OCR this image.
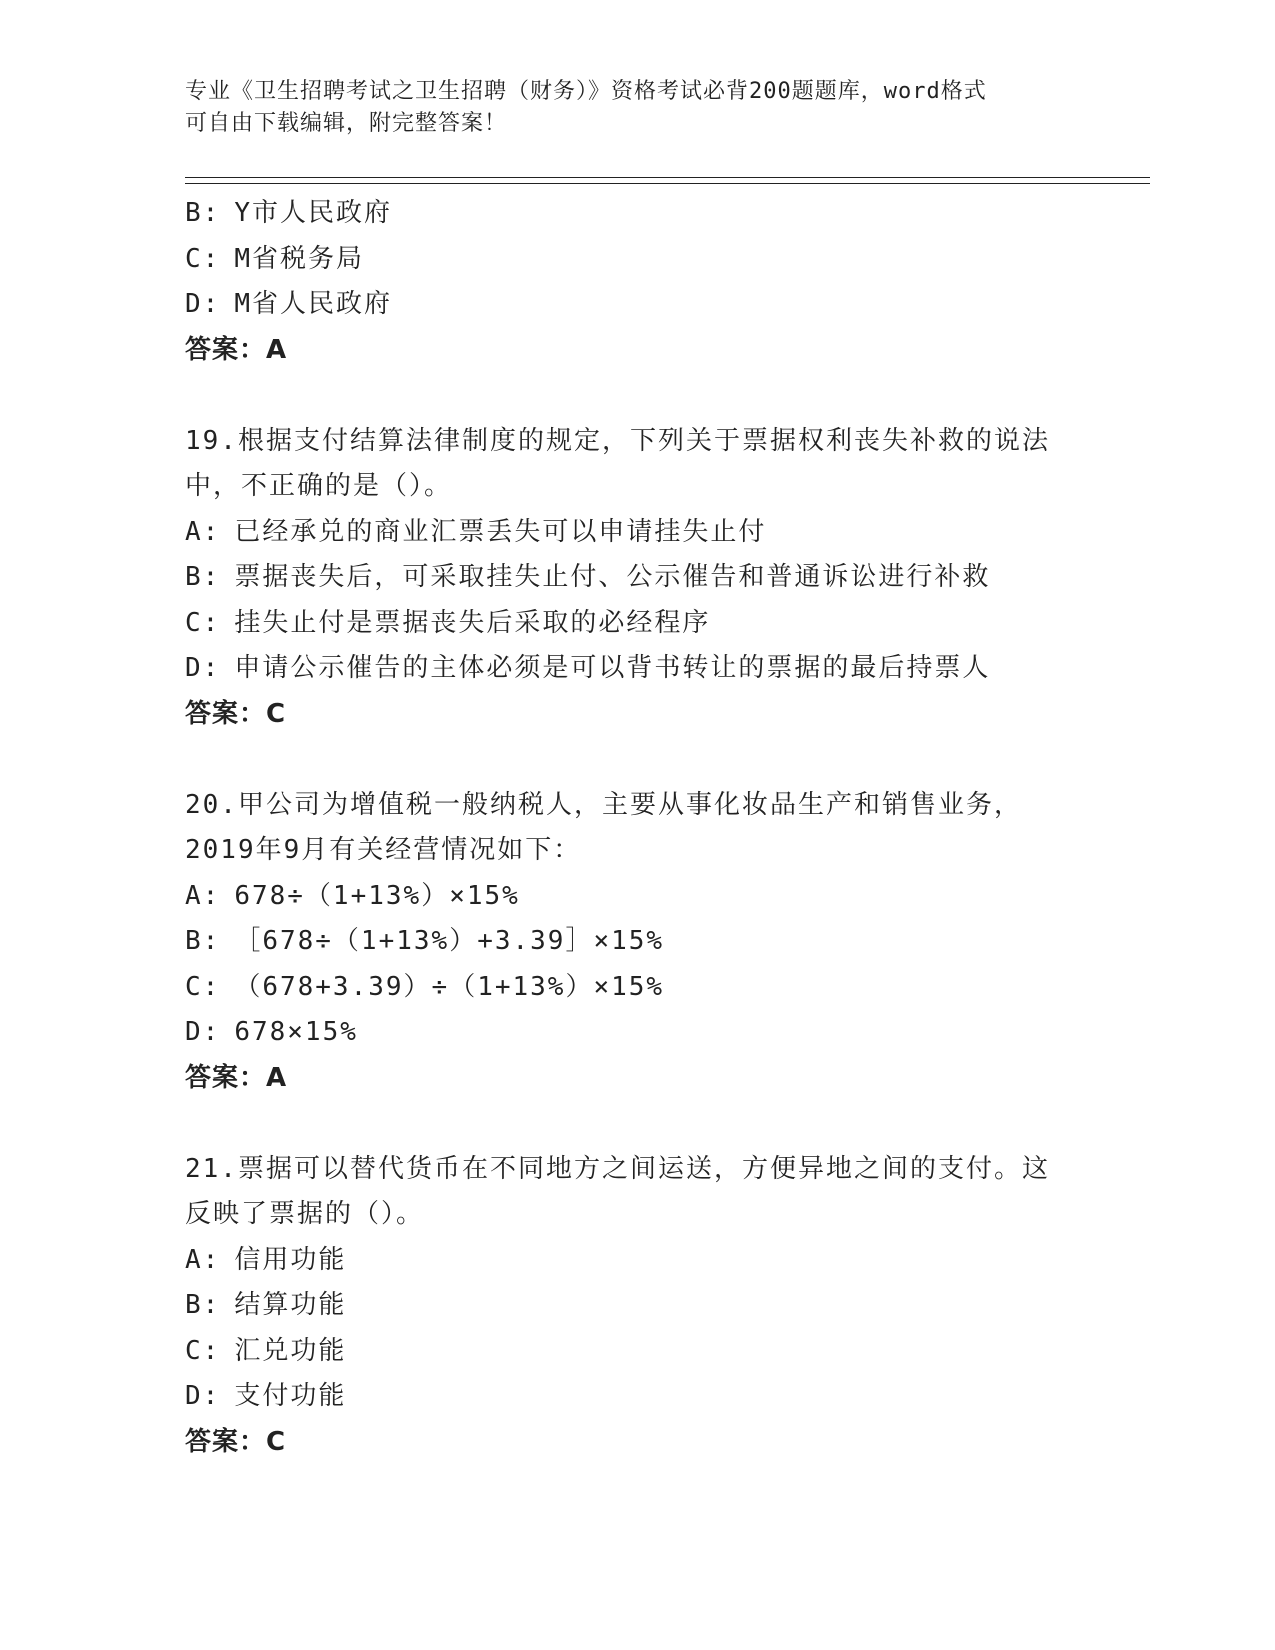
专业《卫生招聘考试之卫生招聘（财务）》资格考试必背200题题库，word格式
可自由下载编辑，附完整答案！
B: Y市人民政府
C: M省税务局
D: M省人民政府
答案：A
19.根据支付结算法律制度的规定，下列关于票据权利丧失补救的说法
中，不正确的是（）。
A: 已经承兑的商业汇票丢失可以申请挂失止付
B: 票据丧失后，可采取挂失止付、公示催告和普通诉讼进行补救
C: 挂失止付是票据丧失后采取的必经程序
D: 申请公示催告的主体必须是可以背书转让的票据的最后持票人
答案：C
20.甲公司为增值税一般纳税人，主要从事化妆品生产和销售业务，
2019年9月有关经营情况如下：
A: 678÷（1+13%）×15%
B: ［678÷（1+13%）+3.39］×15%
C: （678+3.39）÷（1+13%）×15%
D: 678×15%
答案：A
21.票据可以替代货币在不同地方之间运送，方便异地之间的支付。这
反映了票据的（）。
A: 信用功能
B: 结算功能
C: 汇兑功能
D: 支付功能
答案：C
